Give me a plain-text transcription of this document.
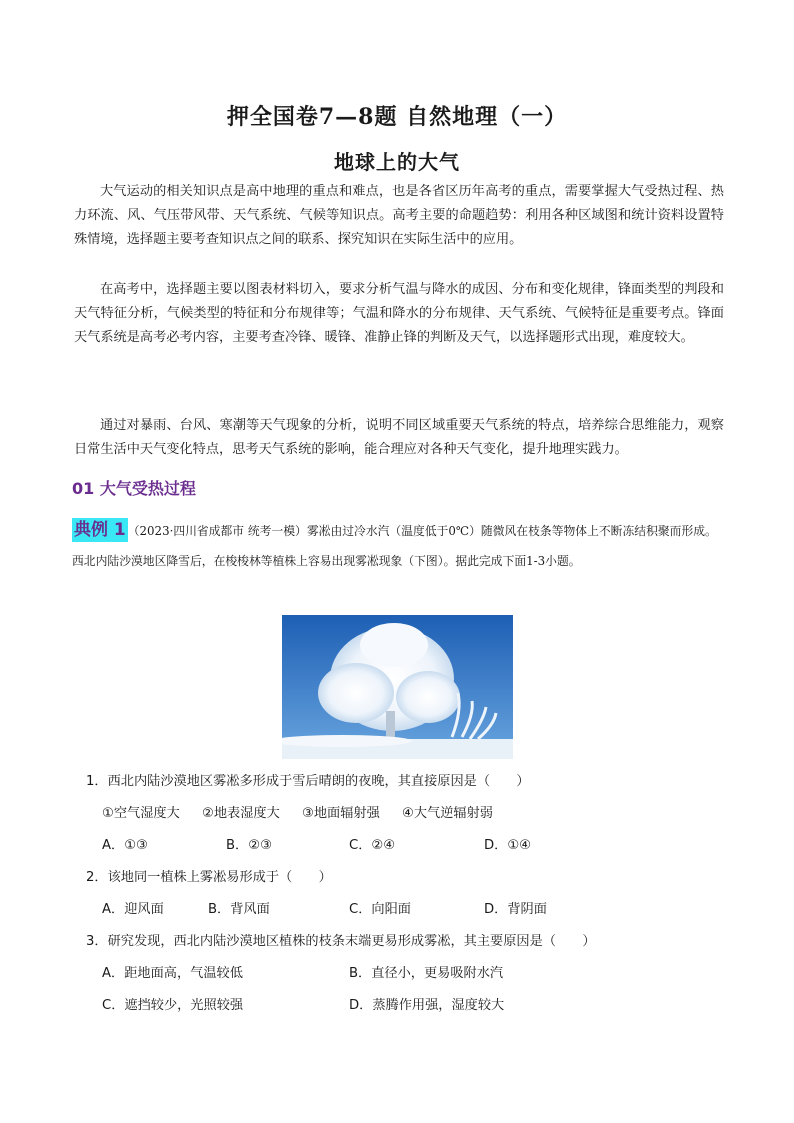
押全国卷7—8题 自然地理（一）
地球上的大气

大气运动的相关知识点是高中地理的重点和难点，也是各省区历年高考的重点，需要掌握大气受热过程、热力环流、风、气压带风带、天气系统、气候等知识点。高考主要的命题趋势：利用各种区域图和统计资料设置特殊情境，选择题主要考查知识点之间的联系、探究知识在实际生活中的应用。

在高考中，选择题主要以图表材料切入，要求分析气温与降水的成因、分布和变化规律，锋面类型的判段和天气特征分析，气候类型的特征和分布规律等；气温和降水的分布规律、天气系统、气候特征是重要考点。锋面天气系统是高考必考内容，主要考查冷锋、暖锋、准静止锋的判断及天气，以选择题形式出现，难度较大。

通过对暴雨、台风、寒潮等天气现象的分析，说明不同区域重要天气系统的特点，培养综合思维能力，观察日常生活中天气变化特点，思考天气系统的影响，能合理应对各种天气变化，提升地理实践力。

01 大气受热过程
典例 1 （2023·四川省成都市 统考一模）雾凇由过冷水汽（温度低于0℃）随微风在枝条等物体上不断冻结积聚而形成。西北内陆沙漠地区降雪后，在梭梭林等植株上容易出现雾凇现象（下图）。据此完成下面1-3小题。
1．西北内陆沙漠地区雾凇多形成于雪后晴朗的夜晚，其直接原因是（　　）
①空气湿度大 ②地表湿度大 ③地面辐射强 ④大气逆辐射弱
A．①③	B．②③	C．②④	D．①④
2．该地同一植株上雾凇易形成于（　　）
A．迎风面	B．背风面	C．向阳面	D．背阴面
3．研究发现，西北内陆沙漠地区植株的枝条末端更易形成雾凇，其主要原因是（　　）
A．距地面高，气温较低	B．直径小，更易吸附水汽
C．遮挡较少，光照较强	D．蒸腾作用强，湿度较大
